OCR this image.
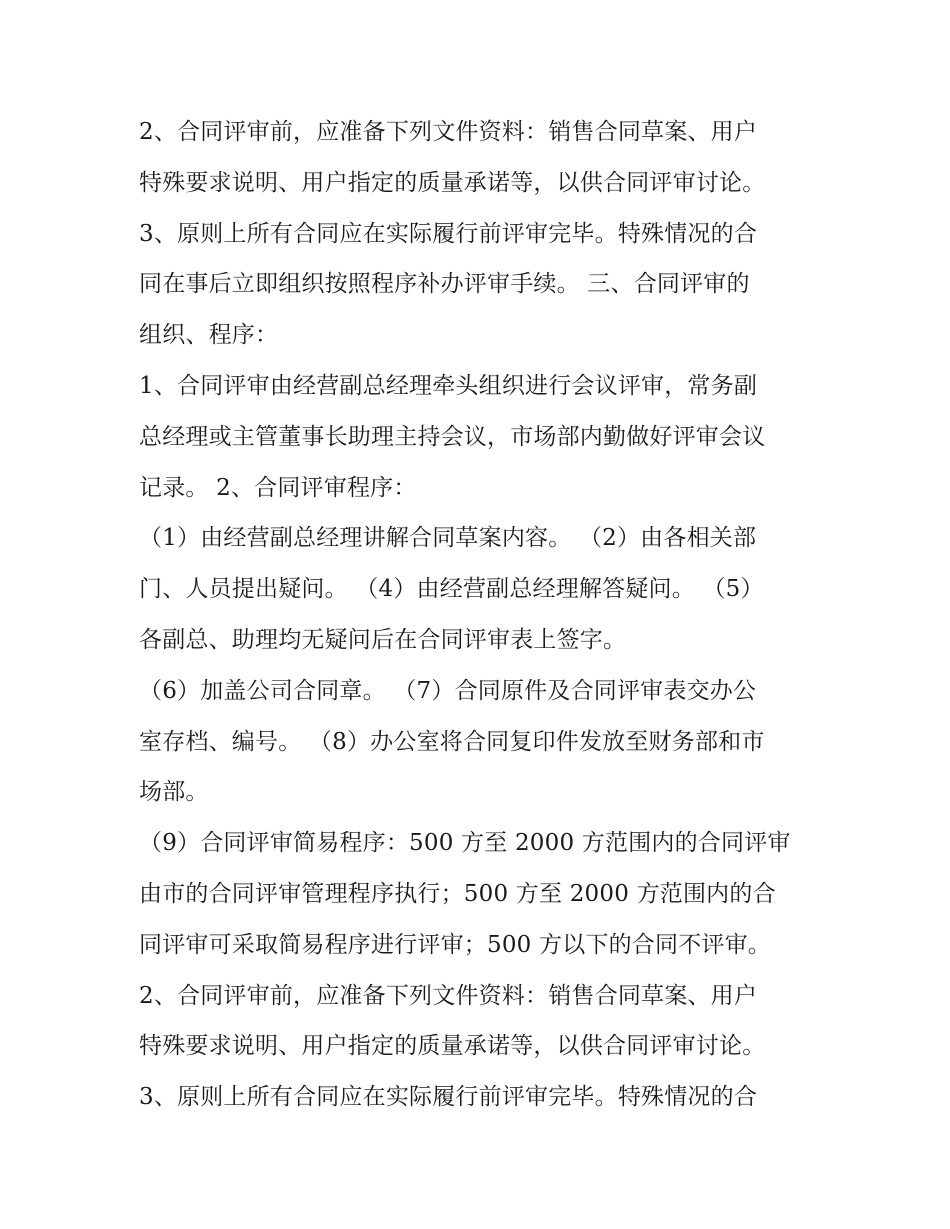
2、合同评审前，应准备下列文件资料：销售合同草案、用户
特殊要求说明、用户指定的质量承诺等，以供合同评审讨论。
3、原则上所有合同应在实际履行前评审完毕。特殊情况的合
同在事后立即组织按照程序补办评审手续。 三、合同评审的
组织、程序：
1、合同评审由经营副总经理牵头组织进行会议评审，常务副
总经理或主管董事长助理主持会议，市场部内勤做好评审会议
记录。 2、合同评审程序：
（1）由经营副总经理讲解合同草案内容。 （2）由各相关部
门、人员提出疑问。 （4）由经营副总经理解答疑问。 （5）
各副总、助理均无疑问后在合同评审表上签字。
（6）加盖公司合同章。 （7）合同原件及合同评审表交办公
室存档、编号。 （8）办公室将合同复印件发放至财务部和市
场部。
（9）合同评审简易程序：500 方至 2000 方范围内的合同评审
由市的合同评审管理程序执行；500 方至 2000 方范围内的合
同评审可采取简易程序进行评审；500 方以下的合同不评审。
2、合同评审前，应准备下列文件资料：销售合同草案、用户
特殊要求说明、用户指定的质量承诺等，以供合同评审讨论。
3、原则上所有合同应在实际履行前评审完毕。特殊情况的合
